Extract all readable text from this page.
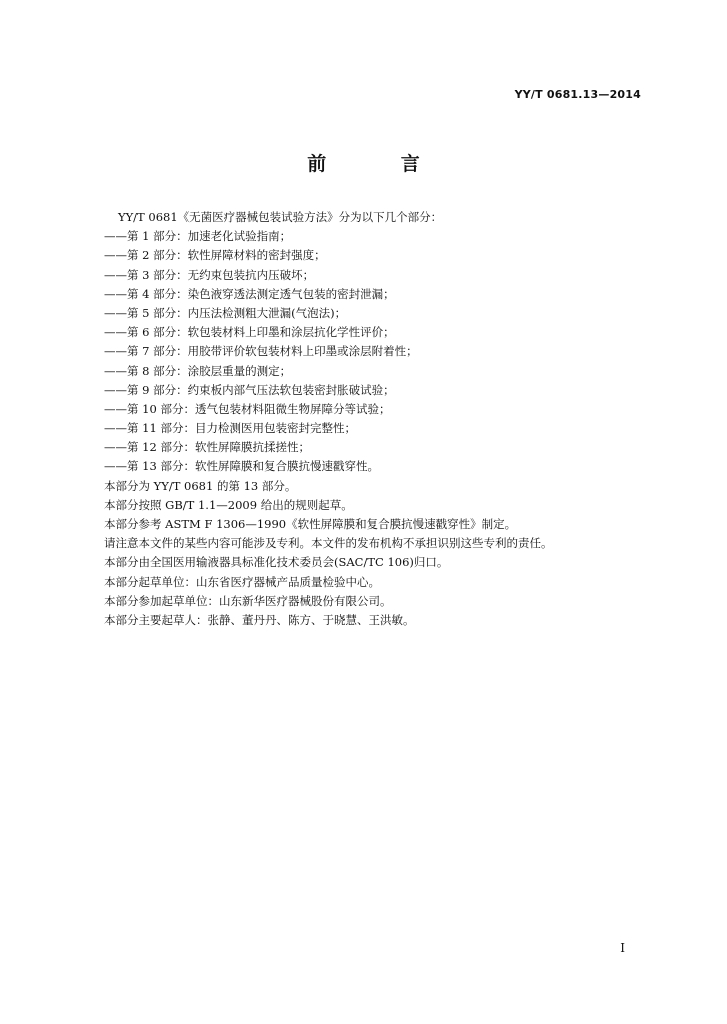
YY/T 0681.13—2014
前 言
YY/T 0681《无菌医疗器械包装试验方法》分为以下几个部分：
——第 1 部分：加速老化试验指南；
——第 2 部分：软性屏障材料的密封强度；
——第 3 部分：无约束包装抗内压破坏；
——第 4 部分：染色液穿透法测定透气包装的密封泄漏；
——第 5 部分：内压法检测粗大泄漏(气泡法)；
——第 6 部分：软包装材料上印墨和涂层抗化学性评价；
——第 7 部分：用胶带评价软包装材料上印墨或涂层附着性；
——第 8 部分：涂胶层重量的测定；
——第 9 部分：约束板内部气压法软包装密封胀破试验；
——第 10 部分：透气包装材料阻微生物屏障分等试验；
——第 11 部分：目力检测医用包装密封完整性；
——第 12 部分：软性屏障膜抗揉搓性；
——第 13 部分：软性屏障膜和复合膜抗慢速戳穿性。
本部分为 YY/T 0681 的第 13 部分。
本部分按照 GB/T 1.1—2009 给出的规则起草。
本部分参考 ASTM F 1306—1990《软性屏障膜和复合膜抗慢速戳穿性》制定。
请注意本文件的某些内容可能涉及专利。本文件的发布机构不承担识别这些专利的责任。
本部分由全国医用输液器具标准化技术委员会(SAC/TC 106)归口。
本部分起草单位：山东省医疗器械产品质量检验中心。
本部分参加起草单位：山东新华医疗器械股份有限公司。
本部分主要起草人：张静、董丹丹、陈方、于晓慧、王洪敏。
I
